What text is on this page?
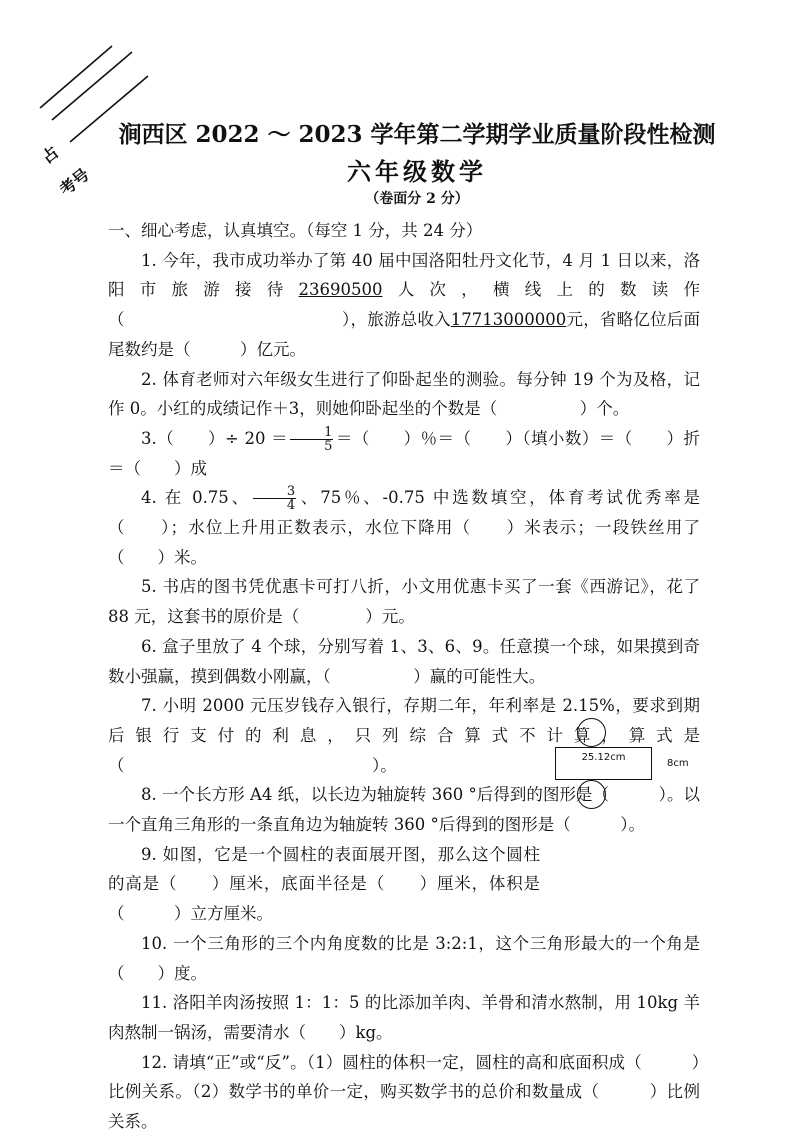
占
考号
涧西区 2022 ～ 2023 学年第二学期学业质量阶段性检测
六年级数学
（卷面分 2 分）

一、细心考虑，认真填空。（每空 1 分，共 24 分）

1. 今年，我市成功举办了第 40 届中国洛阳牡丹文化节，4 月 1 日以来，洛阳市旅游接待23690500人次，横线上的数读作（　　　　　　　　　　　　　），旅游总收入17713000000元，省略亿位后面尾数约是（　　　）亿元。

2. 体育老师对六年级女生进行了仰卧起坐的测验。每分钟 19 个为及格，记作 0。小红的成绩记作＋3，则她仰卧起坐的个数是（　　　　　）个。

3.（　　）÷ $20 = \frac{1}{5}$ ＝（　　）％＝（　　）（填小数）＝（　　）折 ＝（　　）成

4. 在 0.75、 $\frac{3}{4}$ 、75％、-0.75 中选数填空，体育考试优秀率是（　　）；水位上升用正数表示，水位下降用（　　）米表示；一段铁丝用了（　　）米。

5. 书店的图书凭优惠卡可打八折，小文用优惠卡买了一套《西游记》，花了 88 元，这套书的原价是（　　　　）元。

6. 盒子里放了 4 个球，分别写着 1、3、6、9。任意摸一个球，如果摸到奇数小强赢，摸到偶数小刚赢，（　　　　　）赢的可能性大。

7. 小明 2000 元压岁钱存入银行，存期二年，年利率是 2.15%，要求到期后银行支付的利息，只列综合算式不计算，算式是（　　　　　　　　　　　　　　　）。

8. 一个长方形 A4 纸，以长边为轴旋转 360 °后得到的图形是（　　　）。以一个直角三角形的一条直角边为轴旋转 360 °后得到的图形是（　　　）。

9. 如图，它是一个圆柱的表面展开图，那么这个圆柱的高是（　　）厘米，底面半径是（　　）厘米，体积是（　　　）立方厘米。

10. 一个三角形的三个内角度数的比是 3:2:1，这个三角形最大的一个角是（　　）度。

11. 洛阳羊肉汤按照 1：1：5 的比添加羊肉、羊骨和清水熬制，用 10kg 羊肉熬制一锅汤，需要清水（　　）kg。

12. 请填“正”或“反”。（1）圆柱的体积一定，圆柱的高和底面积成（　　　）比例关系。（2）数学书的单价一定，购买数学书的总价和数量成（　　　）比例关系。

25.12cm
8cm
